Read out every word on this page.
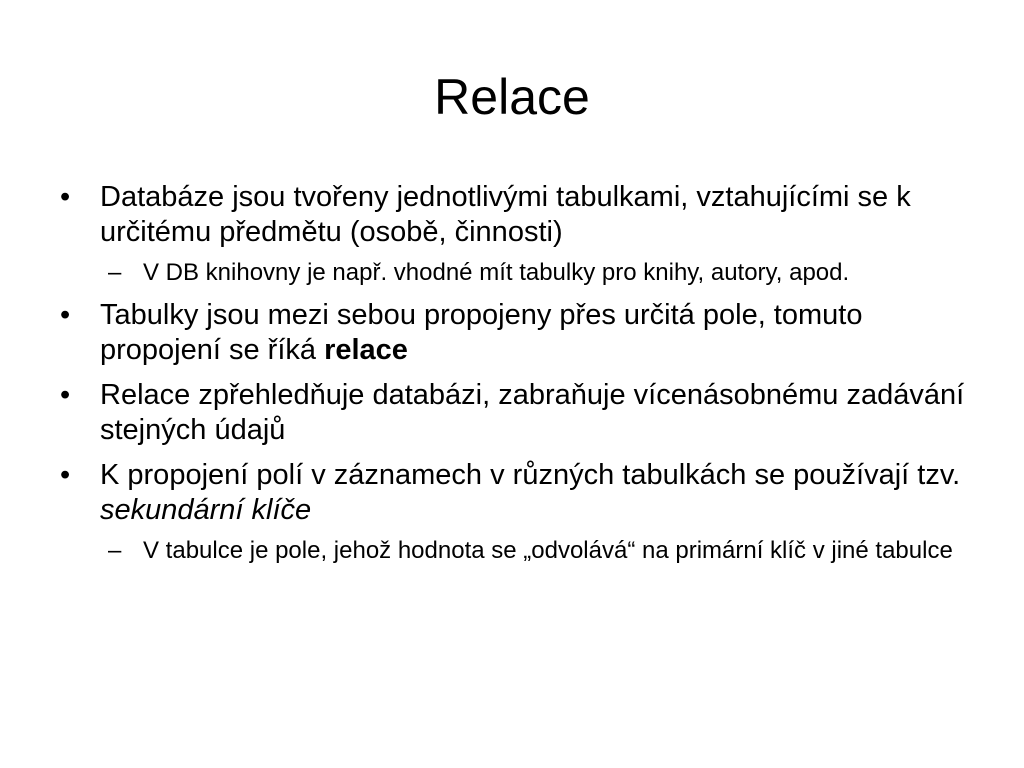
Relace
• Databáze jsou tvořeny jednotlivými tabulkami, vztahujícími se k určitému předmětu (osobě, činnosti)
– V DB knihovny je např. vhodné mít tabulky pro knihy, autory, apod.
• Tabulky jsou mezi sebou propojeny přes určitá pole, tomuto propojení se říká relace
• Relace zpřehledňuje databázi, zabraňuje vícenásobnému zadávání stejných údajů
• K propojení polí v záznamech v různých tabulkách se používají tzv. sekundární klíče
– V tabulce je pole, jehož hodnota se „odvolává“ na primární klíč v jiné tabulce
